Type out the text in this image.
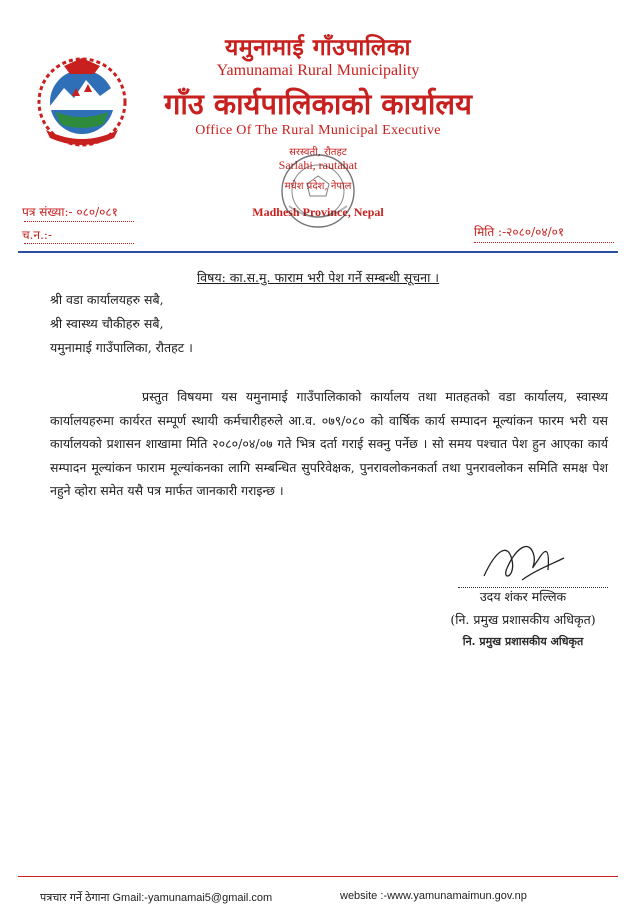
यमुनामाई गाँउपालिका
Yamunamai Rural Municipality
गाँउ कार्यपालिकाको कार्यालय
Office Of The Rural Municipal Executive
सरस्वती, रौतहट
Sarlahi, rautahat
मधेश प्रदेश, नेपाल
Madhesh Province, Nepal
पत्र संख्या:- ०८०/०८१
च.न.:-	मिति :-२०८०/०४/०१
विषय: का.स.मु. फाराम भरी पेश गर्ने सम्बन्धी सूचना ।
श्री वडा कार्यालयहरु सबै,
श्री स्वास्थ्य चौकीहरु सबै,
यमुनामाई गाउँपालिका, रौतहट ।
प्रस्तुत विषयमा यस यमुनामाई गाउँपालिकाको कार्यालय तथा मातहतको वडा कार्यालय, स्वास्थ्य कार्यालयहरुमा कार्यरत सम्पूर्ण स्थायी कर्मचारीहरुले आ.व. ०७९/०८० को वार्षिक कार्य सम्पादन मूल्यांकन फारम भरी यस कार्यालयको प्रशासन शाखामा मिति २०८०/०४/०७ गते भित्र दर्ता गराई सक्नु पर्नेछ । सो समय पश्चात पेश हुन आएका कार्य सम्पादन मूल्यांकन फाराम मूल्यांकनका लागि सम्बन्धित सुपरिवेक्षक, पुनरावलोकनकर्ता तथा पुनरावलोकन समिति समक्ष पेश नहुने व्होरा समेत यसै पत्र मार्फत जानकारी गराइन्छ ।
उदय शंकर मल्लिक
(नि. प्रमुख प्रशासकीय अधिकृत)
नि. प्रमुख प्रशासकीय अधिकृत
पत्रचार गर्ने ठेगाना Gmail:-yamunamai5@gmail.com	website :-www.yamunamaimun.gov.np
